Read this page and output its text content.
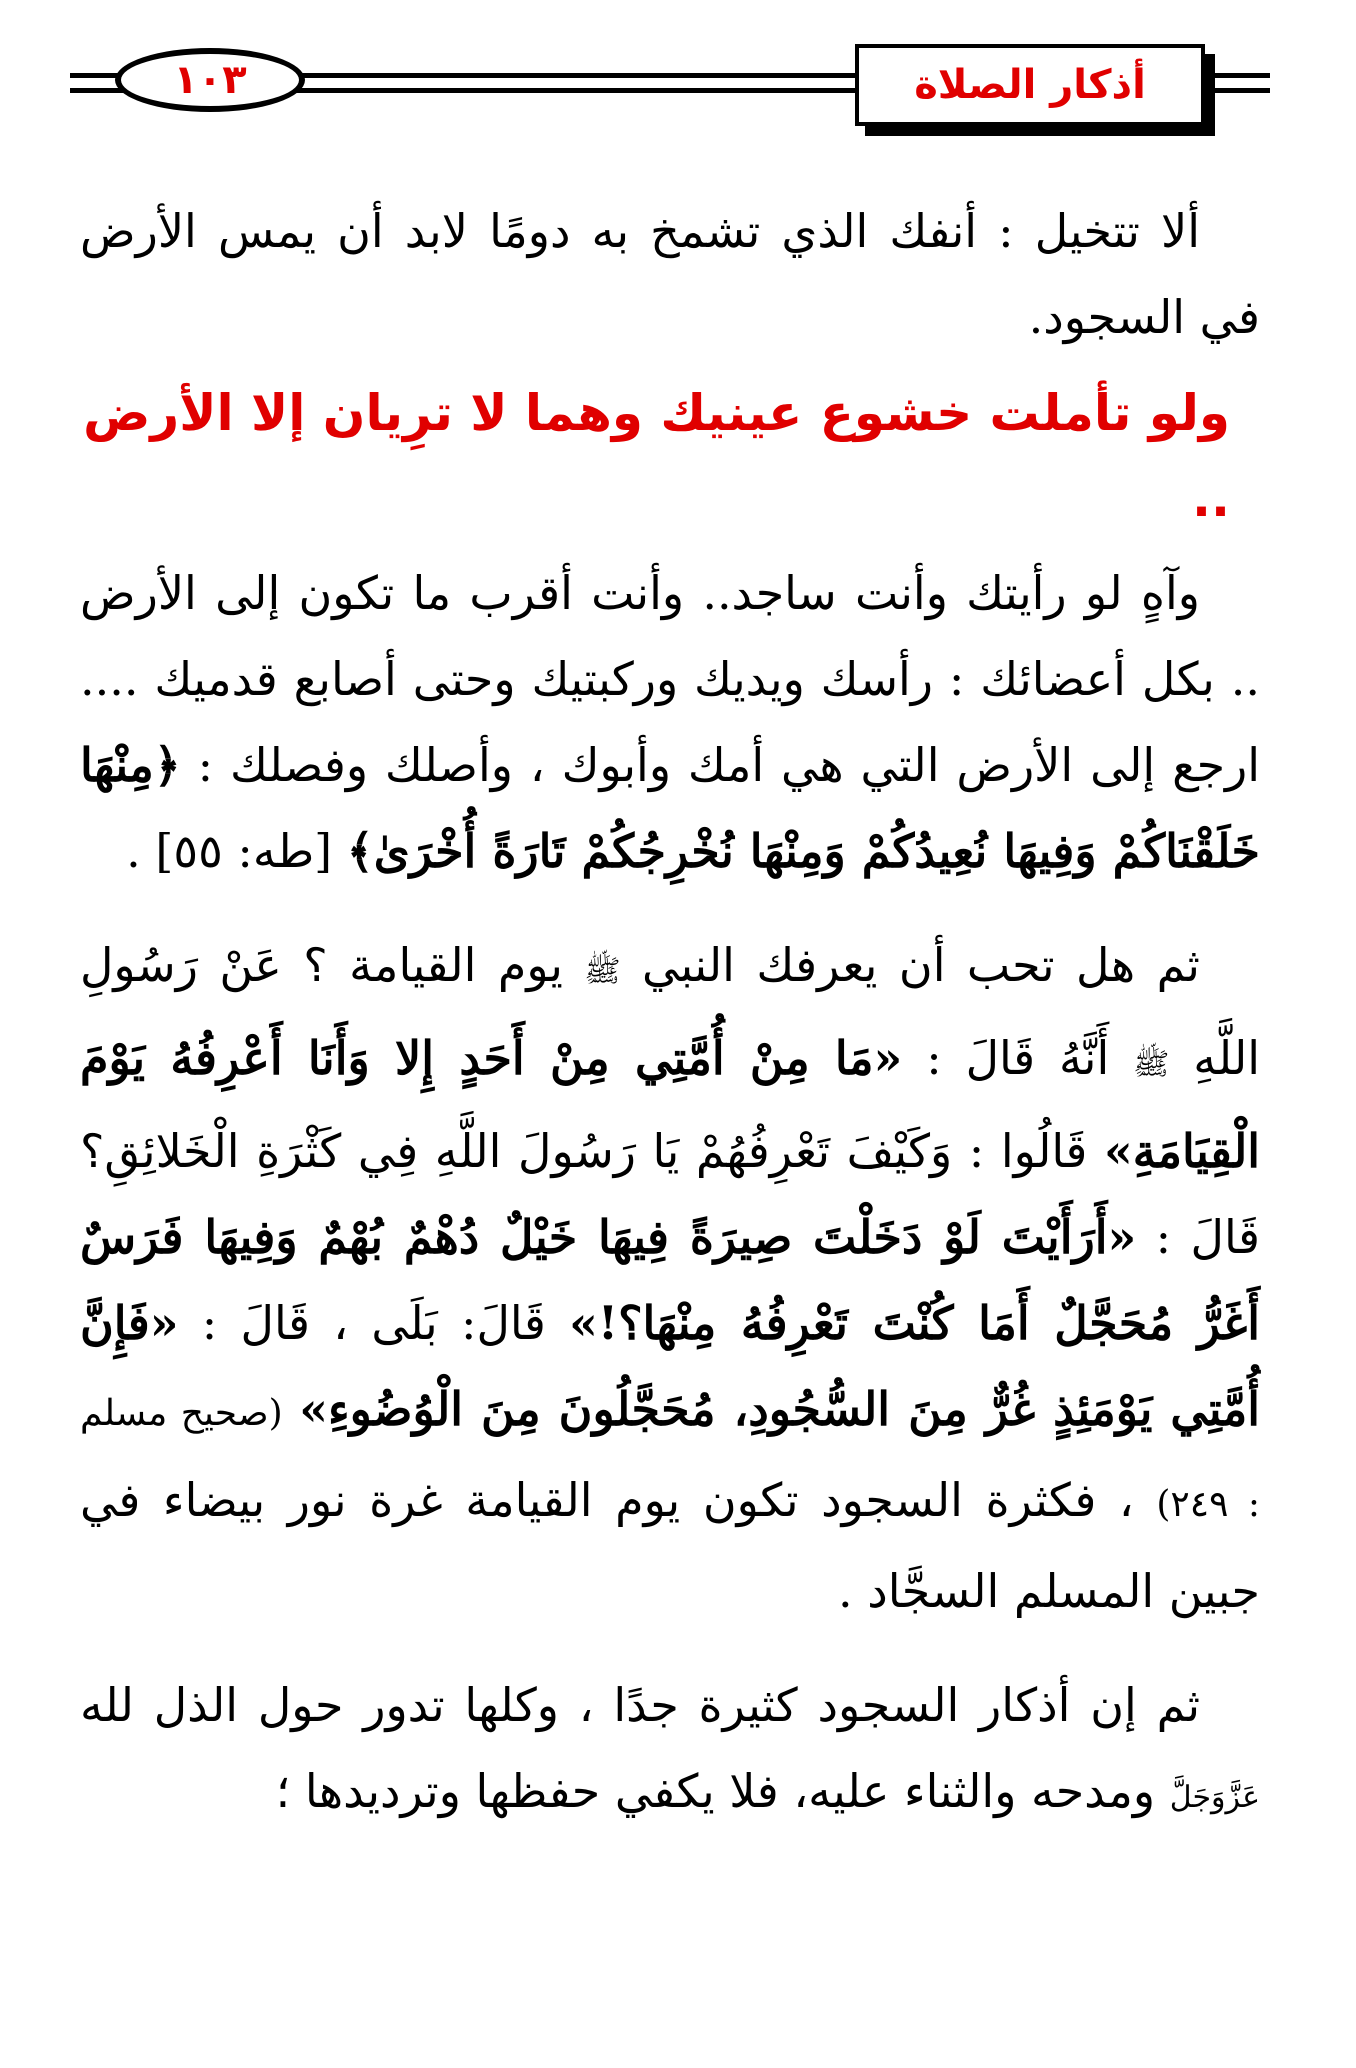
١٠٣	أذكار الصلاة

ألا تتخيل : أنفك الذي تشمخ به دومًا لابد أن يمس الأرض في السجود.

ولو تأملت خشوع عينيك وهما لا ترِيان إلا الأرض ..

وآهٍ لو رأيتك وأنت ساجد.. وأنت أقرب ما تكون إلى الأرض .. بكل أعضائك : رأسك ويديك وركبتيك وحتى أصابع قدميك .... ارجع إلى الأرض التي هي أمك وأبوك ، وأصلك وفصلك : ﴿مِنْهَا خَلَقْنَاكُمْ وَفِيهَا نُعِيدُكُمْ وَمِنْهَا نُخْرِجُكُمْ تَارَةً أُخْرَىٰ﴾ [طه: ٥٥] .

ثم هل تحب أن يعرفك النبي ﷺ يوم القيامة ؟ عَنْ رَسُولِ اللَّهِ ﷺ أَنَّهُ قَالَ : «مَا مِنْ أُمَّتِي مِنْ أَحَدٍ إِلا وَأَنَا أَعْرِفُهُ يَوْمَ الْقِيَامَةِ» قَالُوا : وَكَيْفَ تَعْرِفُهُمْ يَا رَسُولَ اللَّهِ فِي كَثْرَةِ الْخَلائِقِ؟ قَالَ : «أَرَأَيْتَ لَوْ دَخَلْتَ صِيرَةً فِيهَا خَيْلٌ دُهْمٌ بُهْمٌ وَفِيهَا فَرَسٌ أَغَرُّ مُحَجَّلٌ أَمَا كُنْتَ تَعْرِفُهُ مِنْهَا؟!» قَالَ: بَلَى ، قَالَ : «فَإِنَّ أُمَّتِي يَوْمَئِذٍ غُرٌّ مِنَ السُّجُودِ، مُحَجَّلُونَ مِنَ الْوُضُوءِ» (صحيح مسلم : ٢٤٩) ، فكثرة السجود تكون يوم القيامة غرة نور بيضاء في جبين المسلم السجَّاد .

ثم إن أذكار السجود كثيرة جدًا ، وكلها تدور حول الذل لله عَزَّوَجَلَّ ومدحه والثناء عليه، فلا يكفي حفظها وترديدها ؛
